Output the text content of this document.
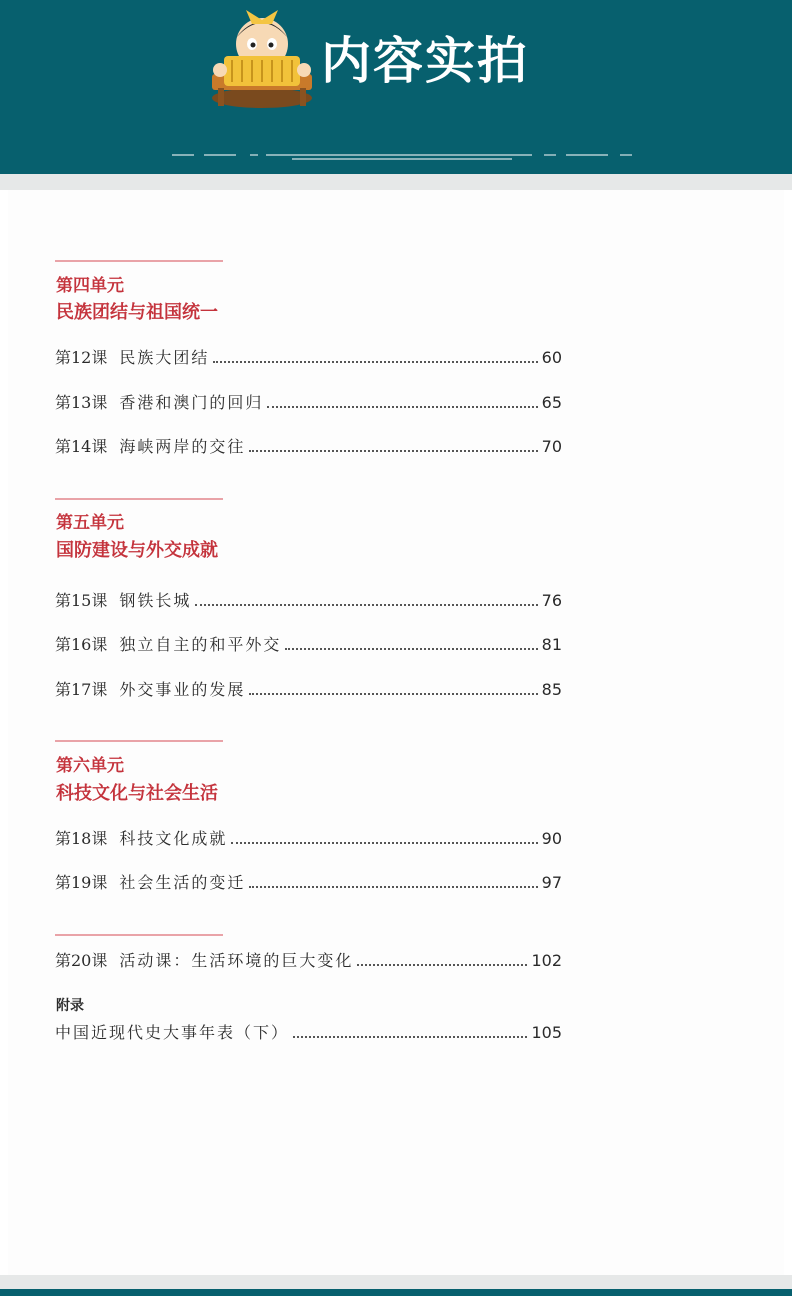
内容实拍
第四单元
民族团结与祖国统一
第12课 民族大团结	60
第13课 香港和澳门的回归	65
第14课 海峡两岸的交往	70
第五单元
国防建设与外交成就
第15课 钢铁长城	76
第16课 独立自主的和平外交	81
第17课 外交事业的发展	85
第六单元
科技文化与社会生活
第18课 科技文化成就	90
第19课 社会生活的变迁	97
第20课 活动课：生活环境的巨大变化	102
附录
中国近现代史大事年表（下）	105
